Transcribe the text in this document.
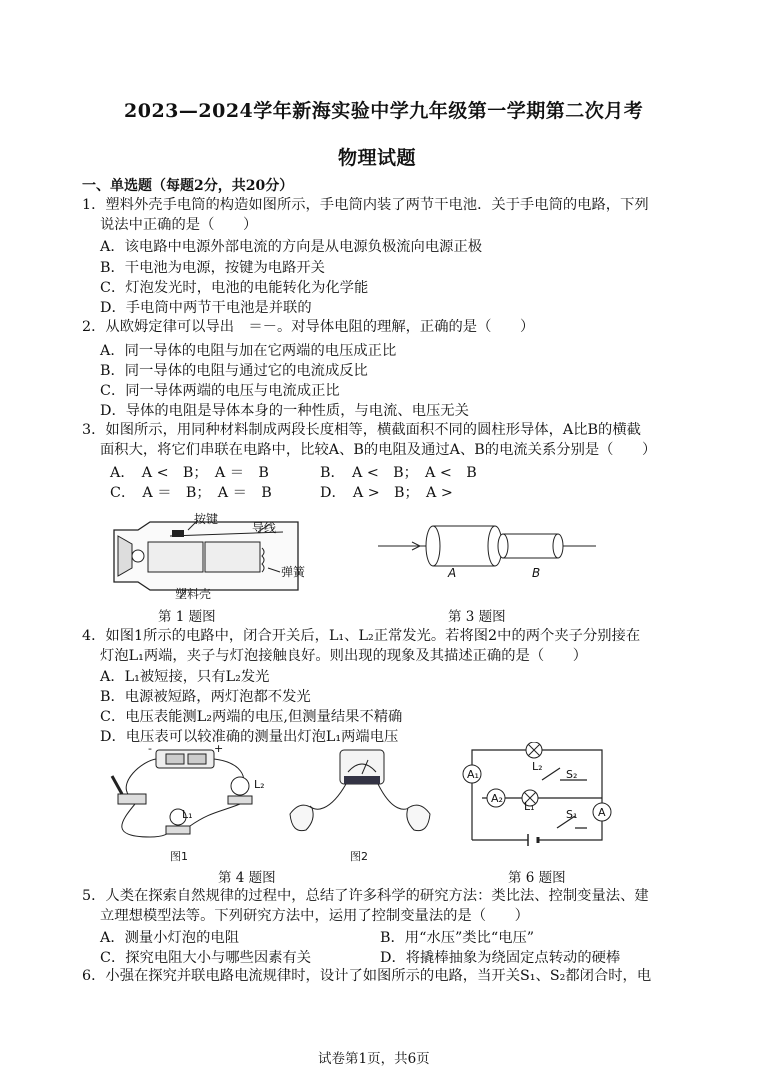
2023—2024学年新海实验中学九年级第一学期第二次月考
物理试题
一、单选题（每题2分，共20分）
1．塑料外壳手电筒的构造如图所示，手电筒内装了两节干电池．关于手电筒的电路，下列
说法中正确的是（　　）
A．该电路中电源外部电流的方向是从电源负极流向电源正极
B．干电池为电源，按键为电路开关
C．灯泡发光时，电池的电能转化为化学能
D．手电筒中两节干电池是并联的
2．从欧姆定律可以导出　＝－。对导体电阻的理解，正确的是（　　）
A．同一导体的电阻与加在它两端的电压成正比
B．同一导体的电阻与通过它的电流成反比
C．同一导体两端的电压与电流成正比
D．导体的电阻是导体本身的一种性质，与电流、电压无关
3．如图所示，用同种材料制成两段长度相等，横截面积不同的圆柱形导体，A比B的横截
面积大，将它们串联在电路中，比较A、B的电阻及通过A、B的电流关系分别是（　　）
A．　A <　B；　A ＝　B	B．　A <　B；　A <　B
C．　A ＝　B；　A ＝　B	D．　A >　B；　A >
按键
导线
弹簧
塑料壳
第 1 题图
A	B
第 3 题图
4．如图1所示的电路中，闭合开关后，L₁、L₂正常发光。若将图2中的两个夹子分别接在
灯泡L₁两端，夹子与灯泡接触良好。则出现的现象及其描述正确的是（　　）
A．L₁被短接，只有L₂发光
B．电源被短路，两灯泡都不发光
C．电压表能测L₂两端的电压,但测量结果不精确
D．电压表可以较准确的测量出灯泡L₁两端电压
-	+
L₂
L₁
图1	图2
第 4 题图
A₁
A₂
A
L₂
L₁
S₂
S₁
第 6 题图
5．人类在探索自然规律的过程中，总结了许多科学的研究方法：类比法、控制变量法、建
立理想模型法等。下列研究方法中，运用了控制变量法的是（　　）
A．测量小灯泡的电阻	B．用“水压”类比“电压”
C．探究电阻大小与哪些因素有关	D．将撬棒抽象为绕固定点转动的硬棒
6．小强在探究并联电路电流规律时，设计了如图所示的电路，当开关S₁、S₂都闭合时，电
试卷第1页，共6页
